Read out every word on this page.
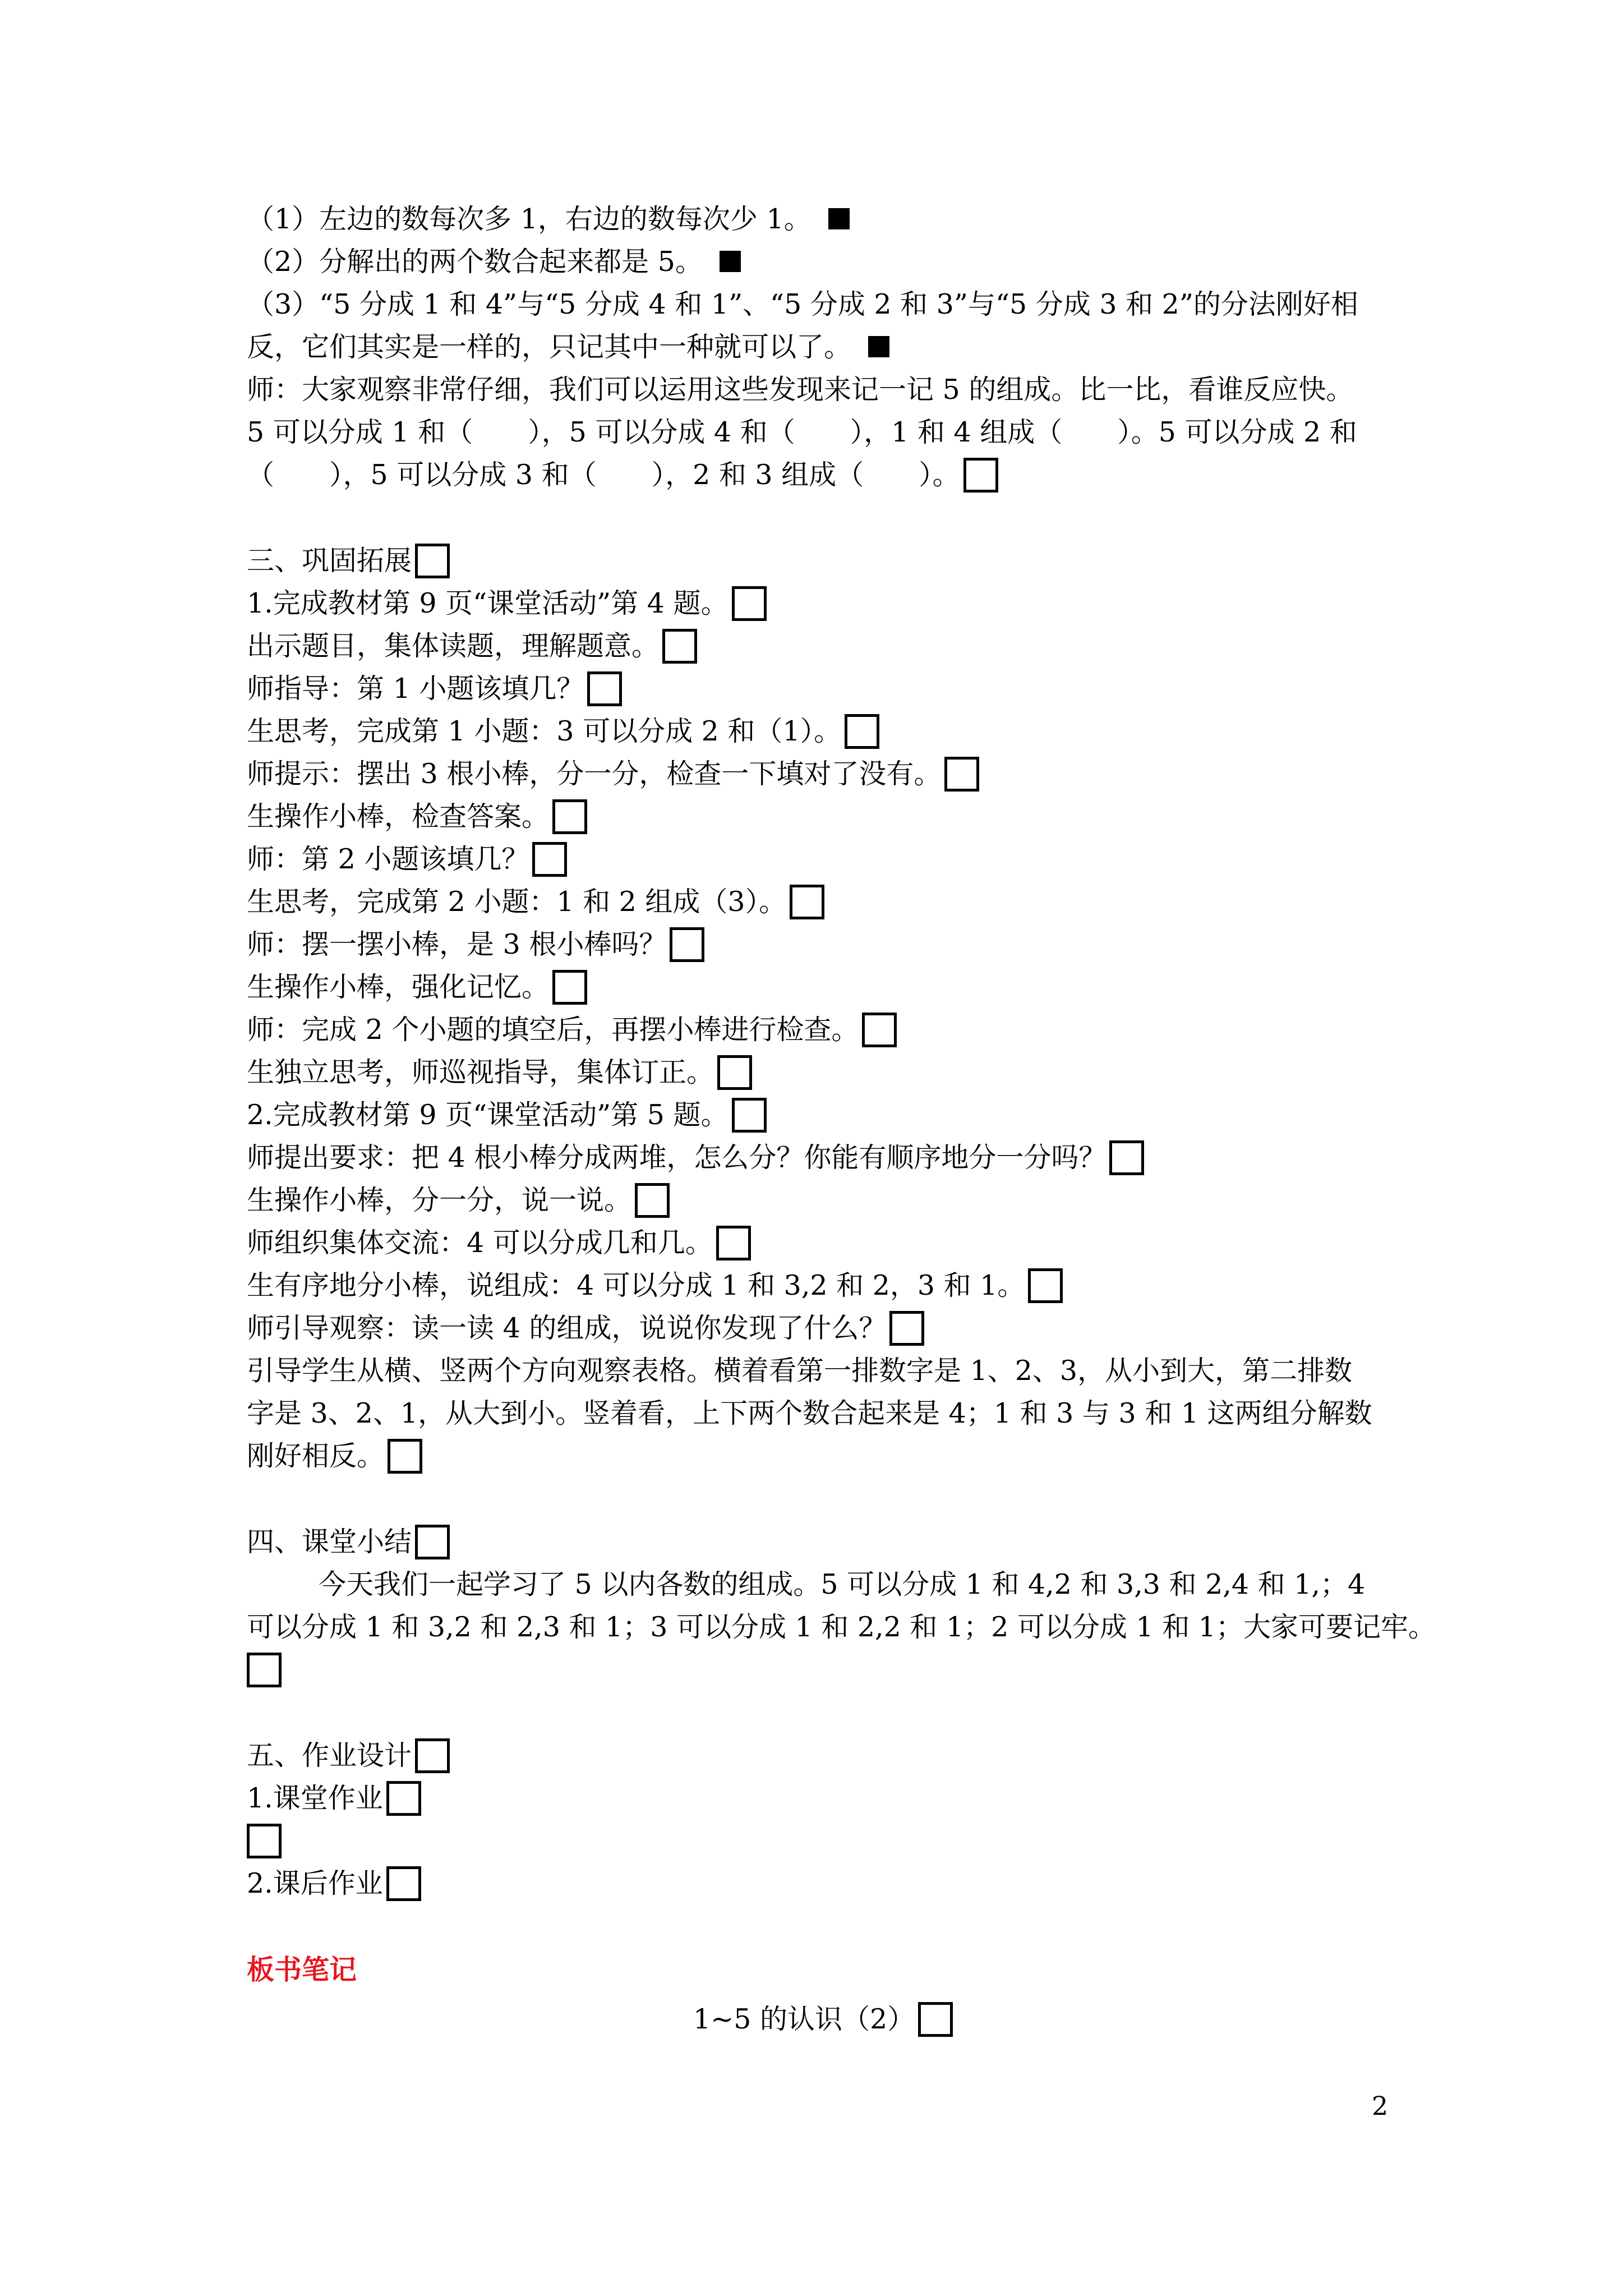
（1）左边的数每次多 1，右边的数每次少 1。
（2）分解出的两个数合起来都是 5。
（3）“5 分成 1 和 4”与“5 分成 4 和 1”、“5 分成 2 和 3”与“5 分成 3 和 2”的分法刚好相
反，它们其实是一样的，只记其中一种就可以了。
师：大家观察非常仔细，我们可以运用这些发现来记一记 5 的组成。比一比，看谁反应快。
5 可以分成 1 和（　　），5 可以分成 4 和（　　），1 和 4 组成（　　）。5 可以分成 2 和
（　　），5 可以分成 3 和（　　），2 和 3 组成（　　）。
三、巩固拓展
1.完成教材第 9 页“课堂活动”第 4 题。
出示题目，集体读题，理解题意。
师指导：第 1 小题该填几？
生思考，完成第 1 小题：3 可以分成 2 和（1）。
师提示：摆出 3 根小棒，分一分，检查一下填对了没有。
生操作小棒，检查答案。
师：第 2 小题该填几？
生思考，完成第 2 小题：1 和 2 组成（3）。
师：摆一摆小棒，是 3 根小棒吗？
生操作小棒，强化记忆。
师：完成 2 个小题的填空后，再摆小棒进行检查。
生独立思考，师巡视指导，集体订正。
2.完成教材第 9 页“课堂活动”第 5 题。
师提出要求：把 4 根小棒分成两堆，怎么分？你能有顺序地分一分吗？
生操作小棒，分一分，说一说。
师组织集体交流：4 可以分成几和几。
生有序地分小棒，说组成：4 可以分成 1 和 3,2 和 2，3 和 1。
师引导观察：读一读 4 的组成，说说你发现了什么？
引导学生从横、竖两个方向观察表格。横着看第一排数字是 1、2、3，从小到大，第二排数
字是 3、2、1，从大到小。竖着看，上下两个数合起来是 4；1 和 3 与 3 和 1 这两组分解数
刚好相反。
四、课堂小结
今天我们一起学习了 5 以内各数的组成。5 可以分成 1 和 4,2 和 3,3 和 2,4 和 1,；4
可以分成 1 和 3,2 和 2,3 和 1；3 可以分成 1 和 2,2 和 1；2 可以分成 1 和 1；大家可要记牢。
五、作业设计
1.课堂作业
2.课后作业
板书笔记
1~5 的认识（2）
2
